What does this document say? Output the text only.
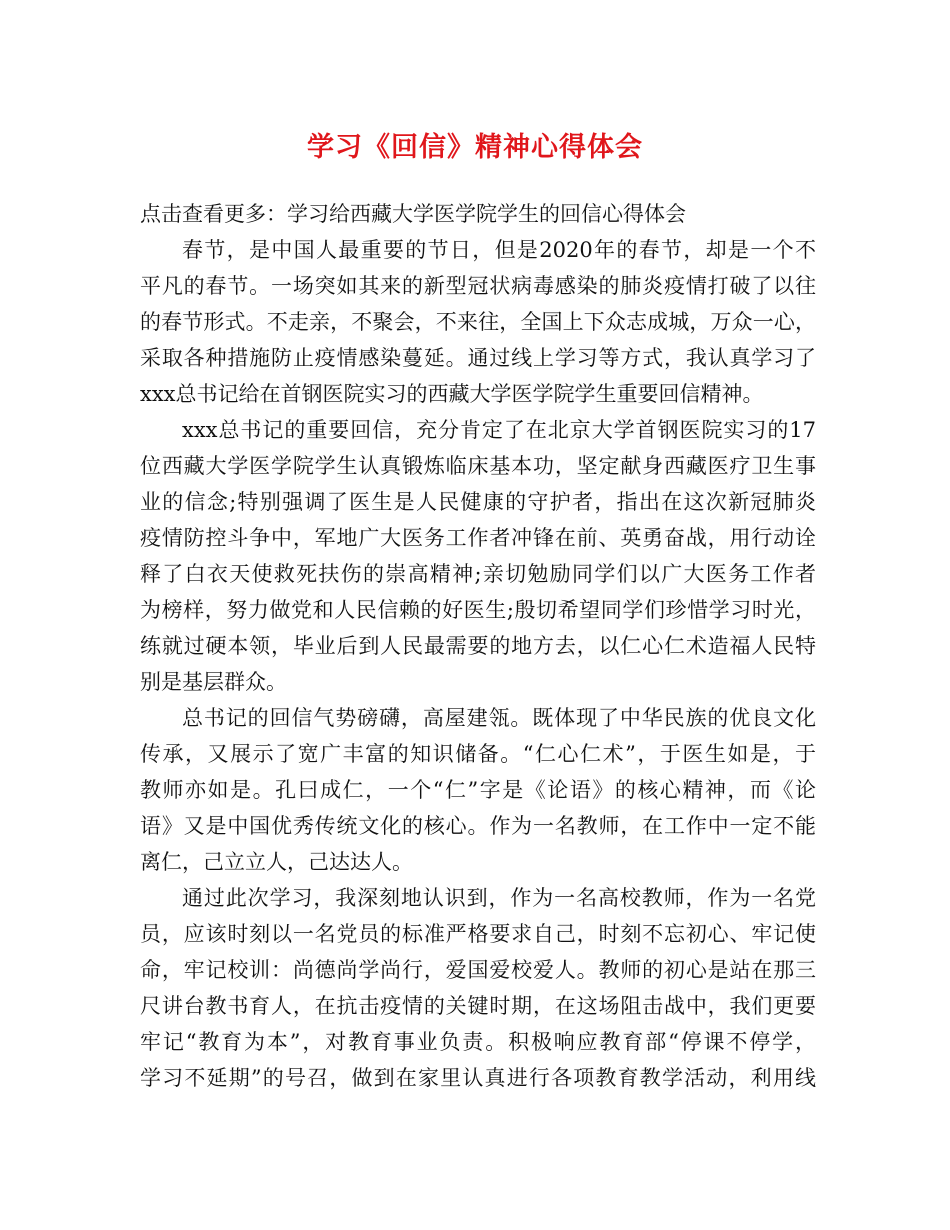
学习《回信》精神心得体会
点击查看更多：学习给西藏大学医学院学生的回信心得体会
春节，是中国人最重要的节日，但是2020年的春节，却是一个不
平凡的春节。一场突如其来的新型冠状病毒感染的肺炎疫情打破了以往
的春节形式。不走亲，不聚会，不来往，全国上下众志成城，万众一心，
采取各种措施防止疫情感染蔓延。通过线上学习等方式，我认真学习了
xxx总书记给在首钢医院实习的西藏大学医学院学生重要回信精神。
xxx总书记的重要回信，充分肯定了在北京大学首钢医院实习的17
位西藏大学医学院学生认真锻炼临床基本功，坚定献身西藏医疗卫生事
业的信念;特别强调了医生是人民健康的守护者，指出在这次新冠肺炎
疫情防控斗争中，军地广大医务工作者冲锋在前、英勇奋战，用行动诠
释了白衣天使救死扶伤的崇高精神;亲切勉励同学们以广大医务工作者
为榜样，努力做党和人民信赖的好医生;殷切希望同学们珍惜学习时光，
练就过硬本领，毕业后到人民最需要的地方去，以仁心仁术造福人民特
别是基层群众。
总书记的回信气势磅礴，高屋建瓴。既体现了中华民族的优良文化
传承，又展示了宽广丰富的知识储备。“仁心仁术”，于医生如是，于
教师亦如是。孔曰成仁，一个“仁”字是《论语》的核心精神，而《论
语》又是中国优秀传统文化的核心。作为一名教师，在工作中一定不能
离仁，己立立人，己达达人。
通过此次学习，我深刻地认识到，作为一名高校教师，作为一名党
员，应该时刻以一名党员的标准严格要求自己，时刻不忘初心、牢记使
命，牢记校训：尚德尚学尚行，爱国爱校爱人。教师的初心是站在那三
尺讲台教书育人，在抗击疫情的关键时期，在这场阻击战中，我们更要
牢记“教育为本”，对教育事业负责。积极响应教育部“停课不停学，
学习不延期”的号召，做到在家里认真进行各项教育教学活动，利用线
